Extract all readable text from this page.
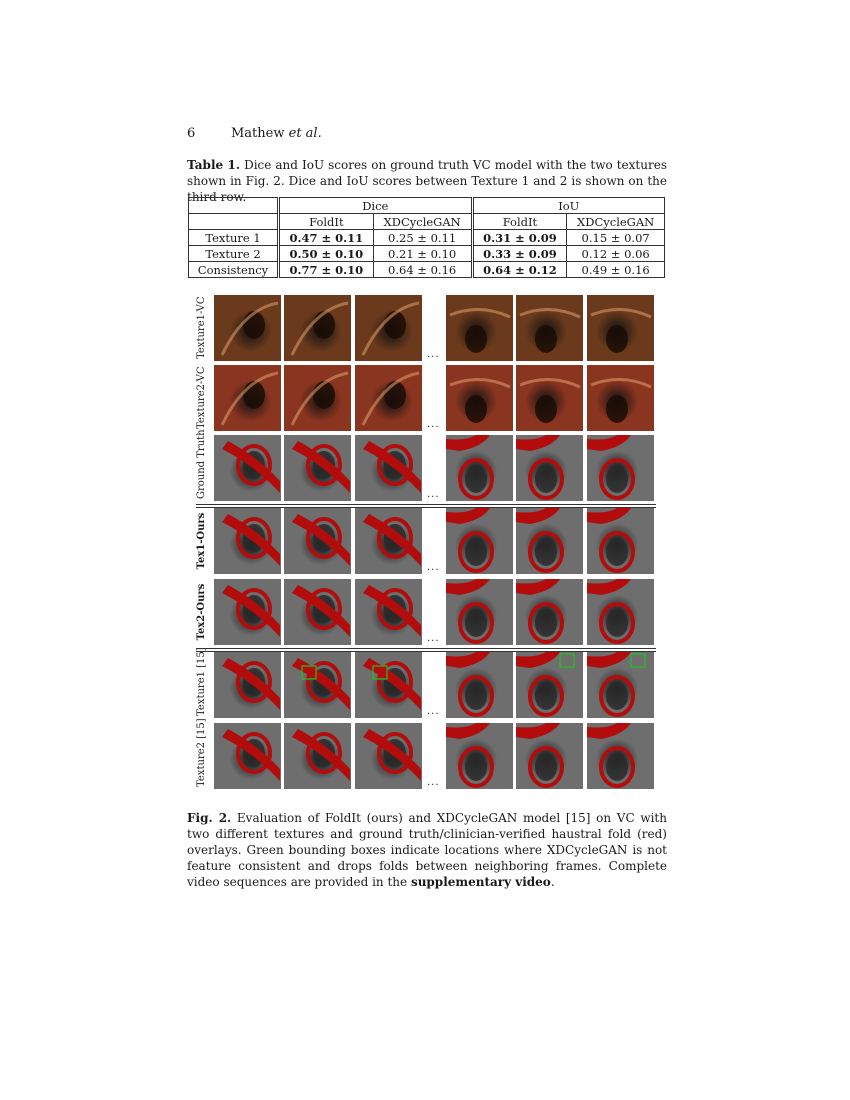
6	Mathew et al.
Table 1. Dice and IoU scores on ground truth VC model with the two textures shown in Fig. 2. Dice and IoU scores between Texture 1 and 2 is shown on the third row.
	Dice		IoU	
	FoldIt	XDCycleGAN	FoldIt	XDCycleGAN
Texture 1	0.47 ± 0.11	0.25 ± 0.11	0.31 ± 0.09	0.15 ± 0.07
Texture 2	0.50 ± 0.10	0.21 ± 0.10	0.33 ± 0.09	0.12 ± 0.06
Consistency	0.77 ± 0.10	0.64 ± 0.16	0.64 ± 0.12	0.49 ± 0.16
Texture1-VC	...
Texture2-VC	...
Ground Truth	...
Tex1-Ours	...
Tex2-Ours	...
Texture1 [15]	...
Texture2 [15]	...
Fig. 2. Evaluation of FoldIt (ours) and XDCycleGAN model [15] on VC with two different textures and ground truth/clinician-verified haustral fold (red) overlays. Green bounding boxes indicate locations where XDCycleGAN is not feature consistent and drops folds between neighboring frames. Complete video sequences are provided in the supplementary video.
